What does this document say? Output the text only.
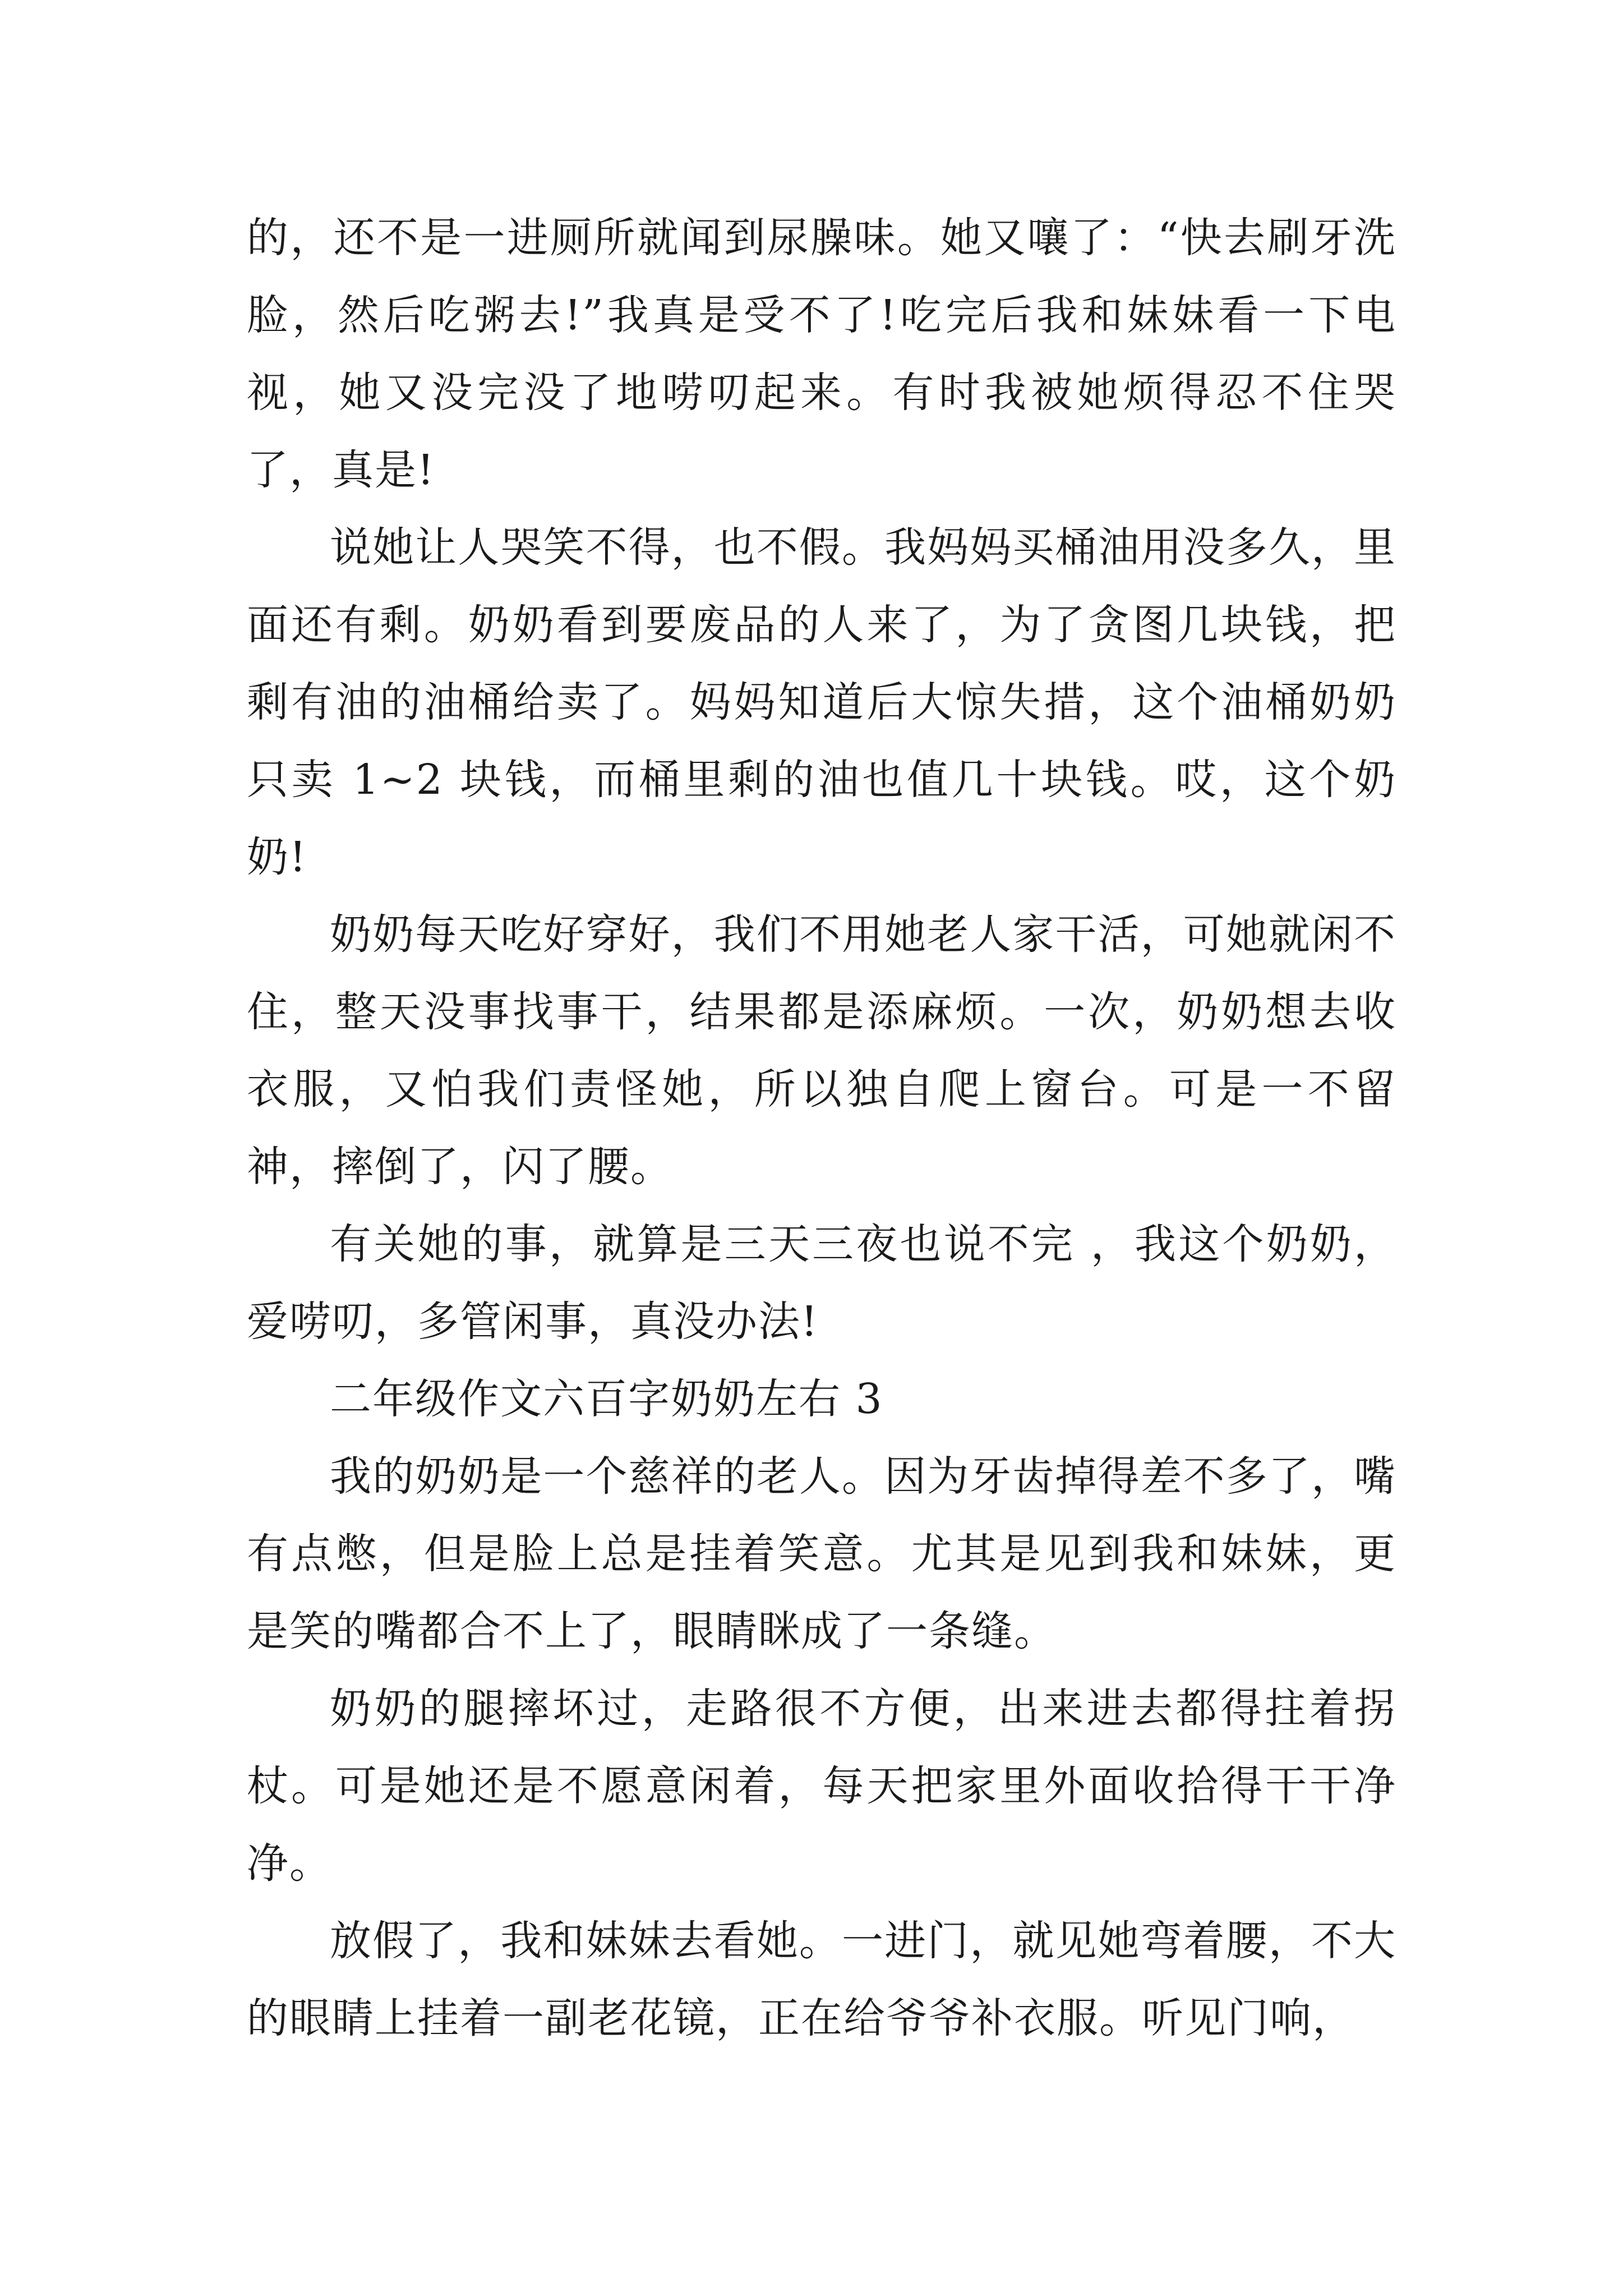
的，还不是一进厕所就闻到尿臊味。她又嚷了：“快去刷牙洗脸，然后吃粥去!”我真是受不了!吃完后我和妹妹看一下电视，她又没完没了地唠叨起来。有时我被她烦得忍不住哭了，真是!

说她让人哭笑不得，也不假。我妈妈买桶油用没多久，里面还有剩。奶奶看到要废品的人来了，为了贪图几块钱，把剩有油的油桶给卖了。妈妈知道后大惊失措，这个油桶奶奶只卖 1~2 块钱，而桶里剩的油也值几十块钱。哎，这个奶奶!

奶奶每天吃好穿好，我们不用她老人家干活，可她就闲不住，整天没事找事干，结果都是添麻烦。一次，奶奶想去收衣服，又怕我们责怪她，所以独自爬上窗台。可是一不留神，摔倒了，闪了腰。

有关她的事，就算是三天三夜也说不完 ，我这个奶奶，爱唠叨，多管闲事，真没办法!

二年级作文六百字奶奶左右 3

我的奶奶是一个慈祥的老人。因为牙齿掉得差不多了，嘴有点憋，但是脸上总是挂着笑意。尤其是见到我和妹妹，更是笑的嘴都合不上了，眼睛眯成了一条缝。

奶奶的腿摔坏过，走路很不方便，出来进去都得拄着拐杖。可是她还是不愿意闲着，每天把家里外面收拾得干干净净。

放假了，我和妹妹去看她。一进门，就见她弯着腰，不大的眼睛上挂着一副老花镜，正在给爷爷补衣服。听见门响，
